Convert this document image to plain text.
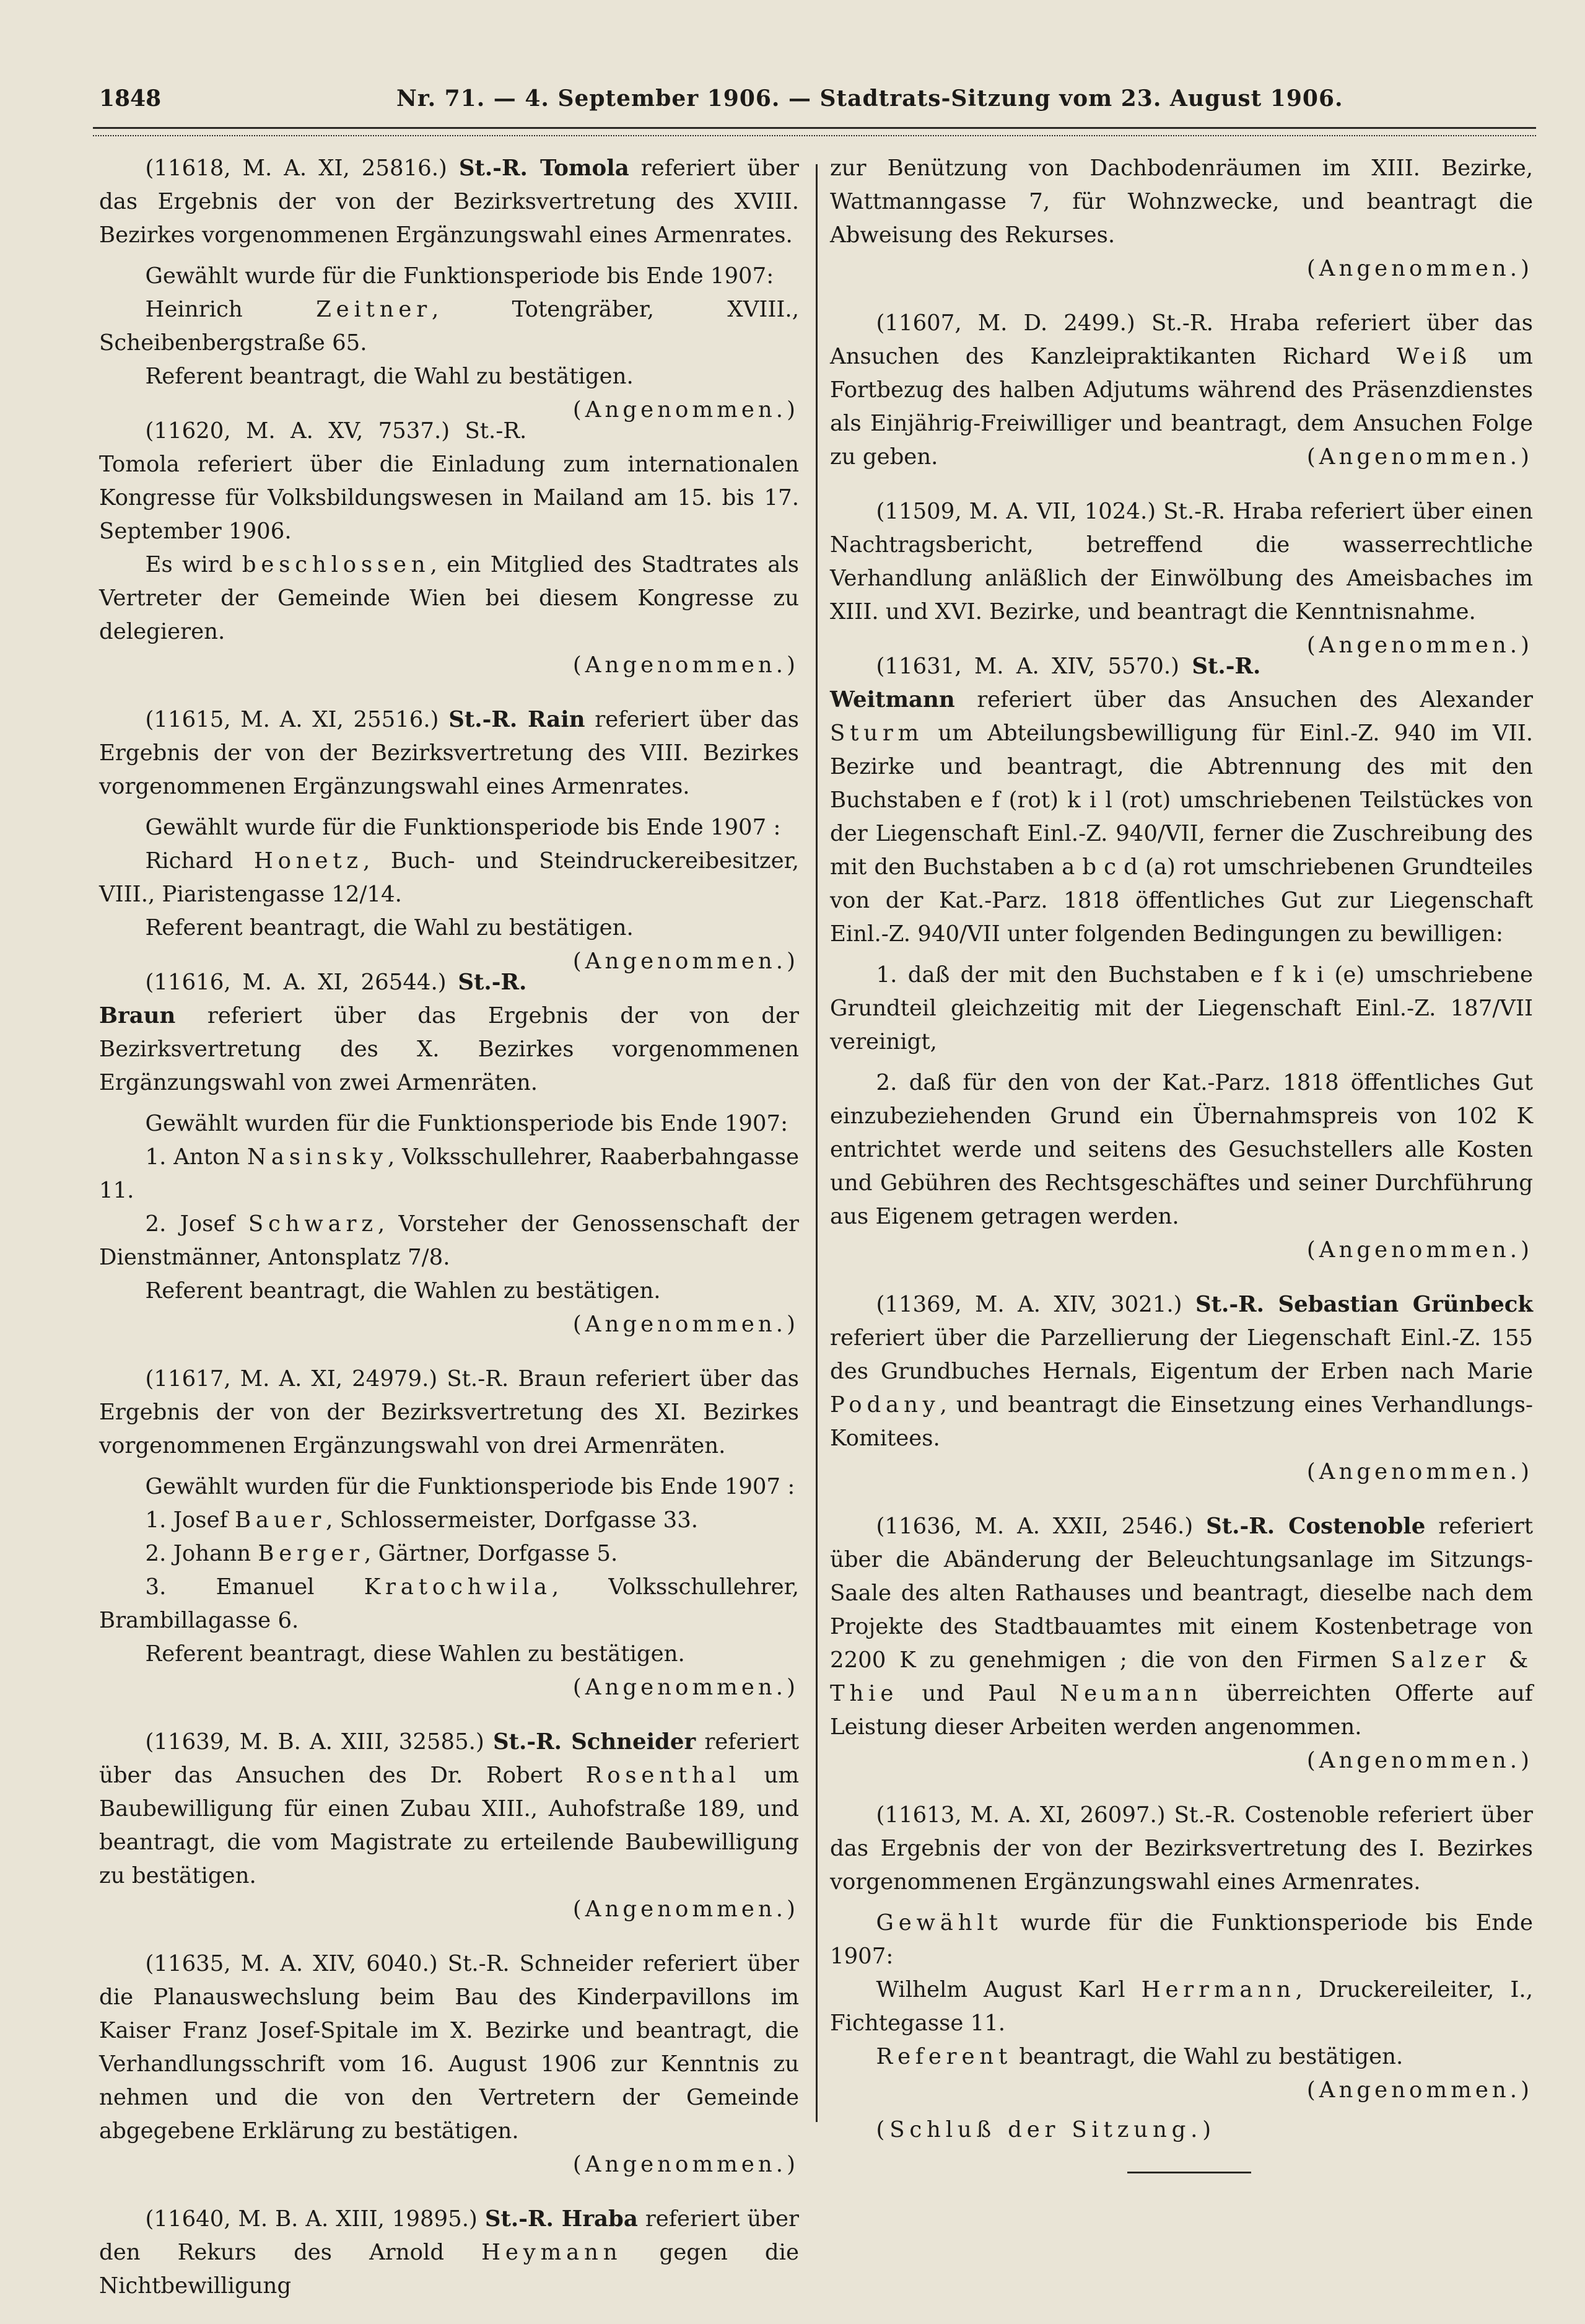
1848	Nr. 71. — 4. September 1906. — Stadtrats-Sitzung vom 23. August 1906.

(11618, M. A. XI, 25816.) St.-R. Tomola referiert über das Ergebnis der von der Bezirksvertretung des XVIII. Bezirkes vorgenommenen Ergänzungswahl eines Armenrates.

Gewählt wurde für die Funktionsperiode bis Ende 1907:

Heinrich	Zeitner, Totengräber, XVIII., Scheibenbergstraße 65.

Referent beantragt, die Wahl zu bestätigen.
(Angenommen.)

(11620, M. A. XV, 7537.) St.-R. Tomola referiert über die Einladung zum internationalen Kongresse für Volksbildungswesen in Mailand am 15. bis 17. September 1906.

Es wird beschlossen, ein Mitglied des Stadtrates als Vertreter der Gemeinde Wien bei diesem Kongresse zu delegieren.

(Angenommen.)

(11615, M. A. XI, 25516.) St.-R. Rain referiert über das Ergebnis der von der Bezirksvertretung des VIII. Bezirkes vorgenommenen Ergänzungswahl eines Armenrates.

Gewählt wurde für die Funktionsperiode bis Ende 1907 :

Richard Honetz, Buch- und Steindruckereibesitzer, VIII., Piaristengasse 12/14.

Referent beantragt, die Wahl zu bestätigen.
(Angenommen.)

(11616, M. A. XI, 26544.) St.-R. Braun referiert über das Ergebnis der von der Bezirksvertretung des X. Bezirkes vorgenommenen Ergänzungswahl von zwei Armenräten.

Gewählt wurden für die Funktionsperiode bis Ende 1907:

1. Anton Nasinsky, Volksschullehrer, Raaberbahngasse 11.

2. Josef Schwarz, Vorsteher der Genossenschaft der Dienstmänner, Antonsplatz 7/8.

Referent beantragt, die Wahlen zu bestätigen.

(Angenommen.)

(11617, M. A. XI, 24979.) St.-R. Braun referiert über das Ergebnis der von der Bezirksvertretung des XI. Bezirkes vorgenommenen Ergänzungswahl von drei Armenräten.

Gewählt wurden für die Funktionsperiode bis Ende 1907 :

1. Josef Bauer, Schlossermeister, Dorfgasse 33.

2. Johann Berger, Gärtner, Dorfgasse 5.

3. Emanuel Kratochwila, Volksschullehrer, Brambillagasse 6.

Referent beantragt, diese Wahlen zu bestätigen.

(Angenommen.)

(11639, M. B. A. XIII, 32585.) St.-R. Schneider referiert über das Ansuchen des Dr. Robert Rosenthal um Baubewilligung für einen Zubau XIII., Auhofstraße 189, und beantragt, die vom Magistrate zu erteilende Baubewilligung zu bestätigen.

(Angenommen.)

(11635, M. A. XIV, 6040.) St.-R. Schneider referiert über die Planauswechslung beim Bau des Kinderpavillons im Kaiser Franz Josef-Spitale im X. Bezirke und beantragt, die Verhandlungsschrift vom 16. August 1906 zur Kenntnis zu nehmen und die von den Vertretern der Gemeinde abgegebene Erklärung zu bestätigen.

(Angenommen.)

(11640, M. B. A. XIII, 19895.) St.-R. Hraba referiert über den Rekurs des Arnold Heymann gegen die Nichtbewilligung

zur Benützung von Dachbodenräumen im XIII. Bezirke, Wattmanngasse 7, für Wohnzwecke, und beantragt die Abweisung des Rekurses.

(Angenommen.)

(11607, M. D. 2499.) St.-R. Hraba referiert über das Ansuchen des Kanzleipraktikanten Richard Weiß um Fortbezug des halben Adjutums während des Präsenzdienstes als Einjährig-Freiwilliger und beantragt, dem Ansuchen Folge zu geben.	(Angenommen.)

(11509, M. A. VII, 1024.) St.-R. Hraba referiert über einen Nachtragsbericht, betreffend die wasserrechtliche Verhandlung anläßlich der Einwölbung des Ameisbaches im XIII. und XVI. Bezirke, und beantragt die Kenntnisnahme.
(Angenommen.)

(11631, M. A. XIV, 5570.) St.-R. Weitmann referiert über das Ansuchen des Alexander Sturm um Abteilungsbewilligung für Einl.-Z. 940 im VII. Bezirke und beantragt, die Abtrennung des mit den Buchstaben e f (rot) k i l (rot) umschriebenen Teilstückes von der Liegenschaft Einl.-Z. 940/VII, ferner die Zuschreibung des mit den Buchstaben a b c d (a) rot umschriebenen Grundteiles von der Kat.-Parz. 1818 öffentliches Gut zur Liegenschaft Einl.-Z. 940/VII unter folgenden Bedingungen zu bewilligen:

1. daß der mit den Buchstaben e f k i (e) umschriebene Grundteil gleichzeitig mit der Liegenschaft Einl.-Z. 187/VII vereinigt,

2. daß für den von der Kat.-Parz. 1818 öffentliches Gut einzubeziehenden Grund ein Übernahmspreis von 102 K entrichtet werde und seitens des Gesuchstellers alle Kosten und Gebühren des Rechtsgeschäftes und seiner Durchführung aus Eigenem getragen werden.

(Angenommen.)

(11369, M. A. XIV, 3021.) St.-R. Sebastian Grünbeck referiert über die Parzellierung der Liegenschaft Einl.-Z. 155 des Grundbuches Hernals, Eigentum der Erben nach Marie Podany, und beantragt die Einsetzung eines Verhandlungs-Komitees.

(Angenommen.)

(11636, M. A. XXII, 2546.) St.-R. Costenoble referiert über die Abänderung der Beleuchtungsanlage im Sitzungs-Saale des alten Rathauses und beantragt, dieselbe nach dem Projekte des Stadtbauamtes mit einem Kostenbetrage von 2200 K zu genehmigen ; die von den Firmen Salzer & Thie und Paul Neumann überreichten Offerte auf Leistung dieser Arbeiten werden angenommen.

(Angenommen.)

(11613, M. A. XI, 26097.) St.-R. Costenoble referiert über das Ergebnis der von der Bezirksvertretung des I. Bezirkes vorgenommenen Ergänzungswahl eines Armenrates.

Gewählt wurde für die Funktionsperiode bis Ende 1907:

Wilhelm August Karl Herrmann, Druckereileiter, I., Fichtegasse 11.

Referent beantragt, die Wahl zu bestätigen.

(Angenommen.)

(Schluß der Sitzung.)
